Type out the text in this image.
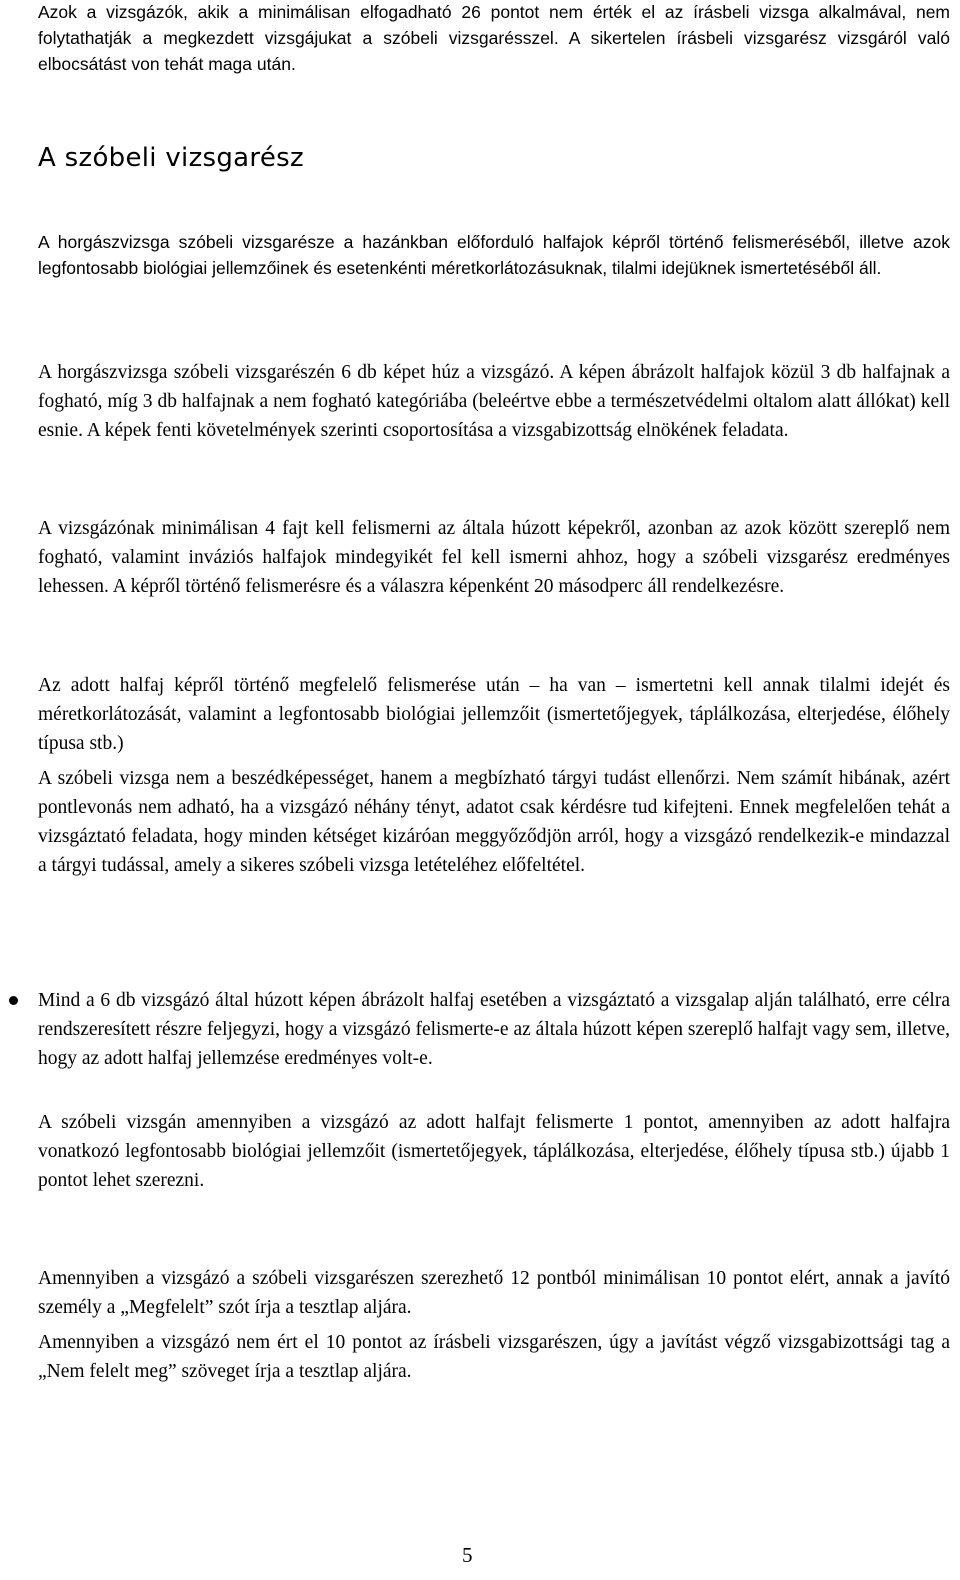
Azok a vizsgázók, akik a minimálisan elfogadható 26 pontot nem érték el az írásbeli vizsga alkalmával, nem folytathatják a megkezdett vizsgájukat a szóbeli vizsgarésszel. A sikertelen írásbeli vizsgarész vizsgáról való elbocsátást von tehát maga után.

A szóbeli vizsgarész

A horgászvizsga szóbeli vizsgarésze a hazánkban előforduló halfajok képről történő felismeréséből, illetve azok legfontosabb biológiai jellemzőinek és esetenkénti méretkorlátozásuknak, tilalmi idejüknek ismertetéséből áll.

A horgászvizsga szóbeli vizsgarészén 6 db képet húz a vizsgázó. A képen ábrázolt halfajok közül 3 db halfajnak a fogható, míg 3 db halfajnak a nem fogható kategóriába (beleértve ebbe a természetvédelmi oltalom alatt állókat) kell esnie. A képek fenti követelmények szerinti csoportosítása a vizsgabizottság elnökének feladata.

A vizsgázónak minimálisan 4 fajt kell felismerni az általa húzott képekről, azonban az azok között szereplő nem fogható, valamint inváziós halfajok mindegyikét fel kell ismerni ahhoz, hogy a szóbeli vizsgarész eredményes lehessen. A képről történő felismerésre és a válaszra képenként 20 másodperc áll rendelkezésre.

Az adott halfaj képről történő megfelelő felismerése után – ha van – ismertetni kell annak tilalmi idejét és méretkorlátozását, valamint a legfontosabb biológiai jellemzőit (ismertetőjegyek, táplálkozása, elterjedése, élőhely típusa stb.)

A szóbeli vizsga nem a beszédképességet, hanem a megbízható tárgyi tudást ellenőrzi. Nem számít hibának, azért pontlevonás nem adható, ha a vizsgázó néhány tényt, adatot csak kérdésre tud kifejteni. Ennek megfelelően tehát a vizsgáztató feladata, hogy minden kétséget kizáróan meggyőződjön arról, hogy a vizsgázó rendelkezik-e mindazzal a tárgyi tudással, amely a sikeres szóbeli vizsga letételéhez előfeltétel.

Mind a 6 db vizsgázó által húzott képen ábrázolt halfaj esetében a vizsgáztató a vizsgalap alján található, erre célra rendszeresített részre feljegyzi, hogy a vizsgázó felismerte-e az általa húzott képen szereplő halfajt vagy sem, illetve, hogy az adott halfaj jellemzése eredményes volt-e.

A szóbeli vizsgán amennyiben a vizsgázó az adott halfajt felismerte 1 pontot, amennyiben az adott halfajra vonatkozó legfontosabb biológiai jellemzőit (ismertetőjegyek, táplálkozása, elterjedése, élőhely típusa stb.) újabb 1 pontot lehet szerezni.

Amennyiben a vizsgázó a szóbeli vizsgarészen szerezhető 12 pontból minimálisan 10 pontot elért, annak a javító személy a „Megfelelt” szót írja a tesztlap aljára.

Amennyiben a vizsgázó nem ért el 10 pontot az írásbeli vizsgarészen, úgy a javítást végző vizsgabizottsági tag a „Nem felelt meg” szöveget írja a tesztlap aljára.

5
